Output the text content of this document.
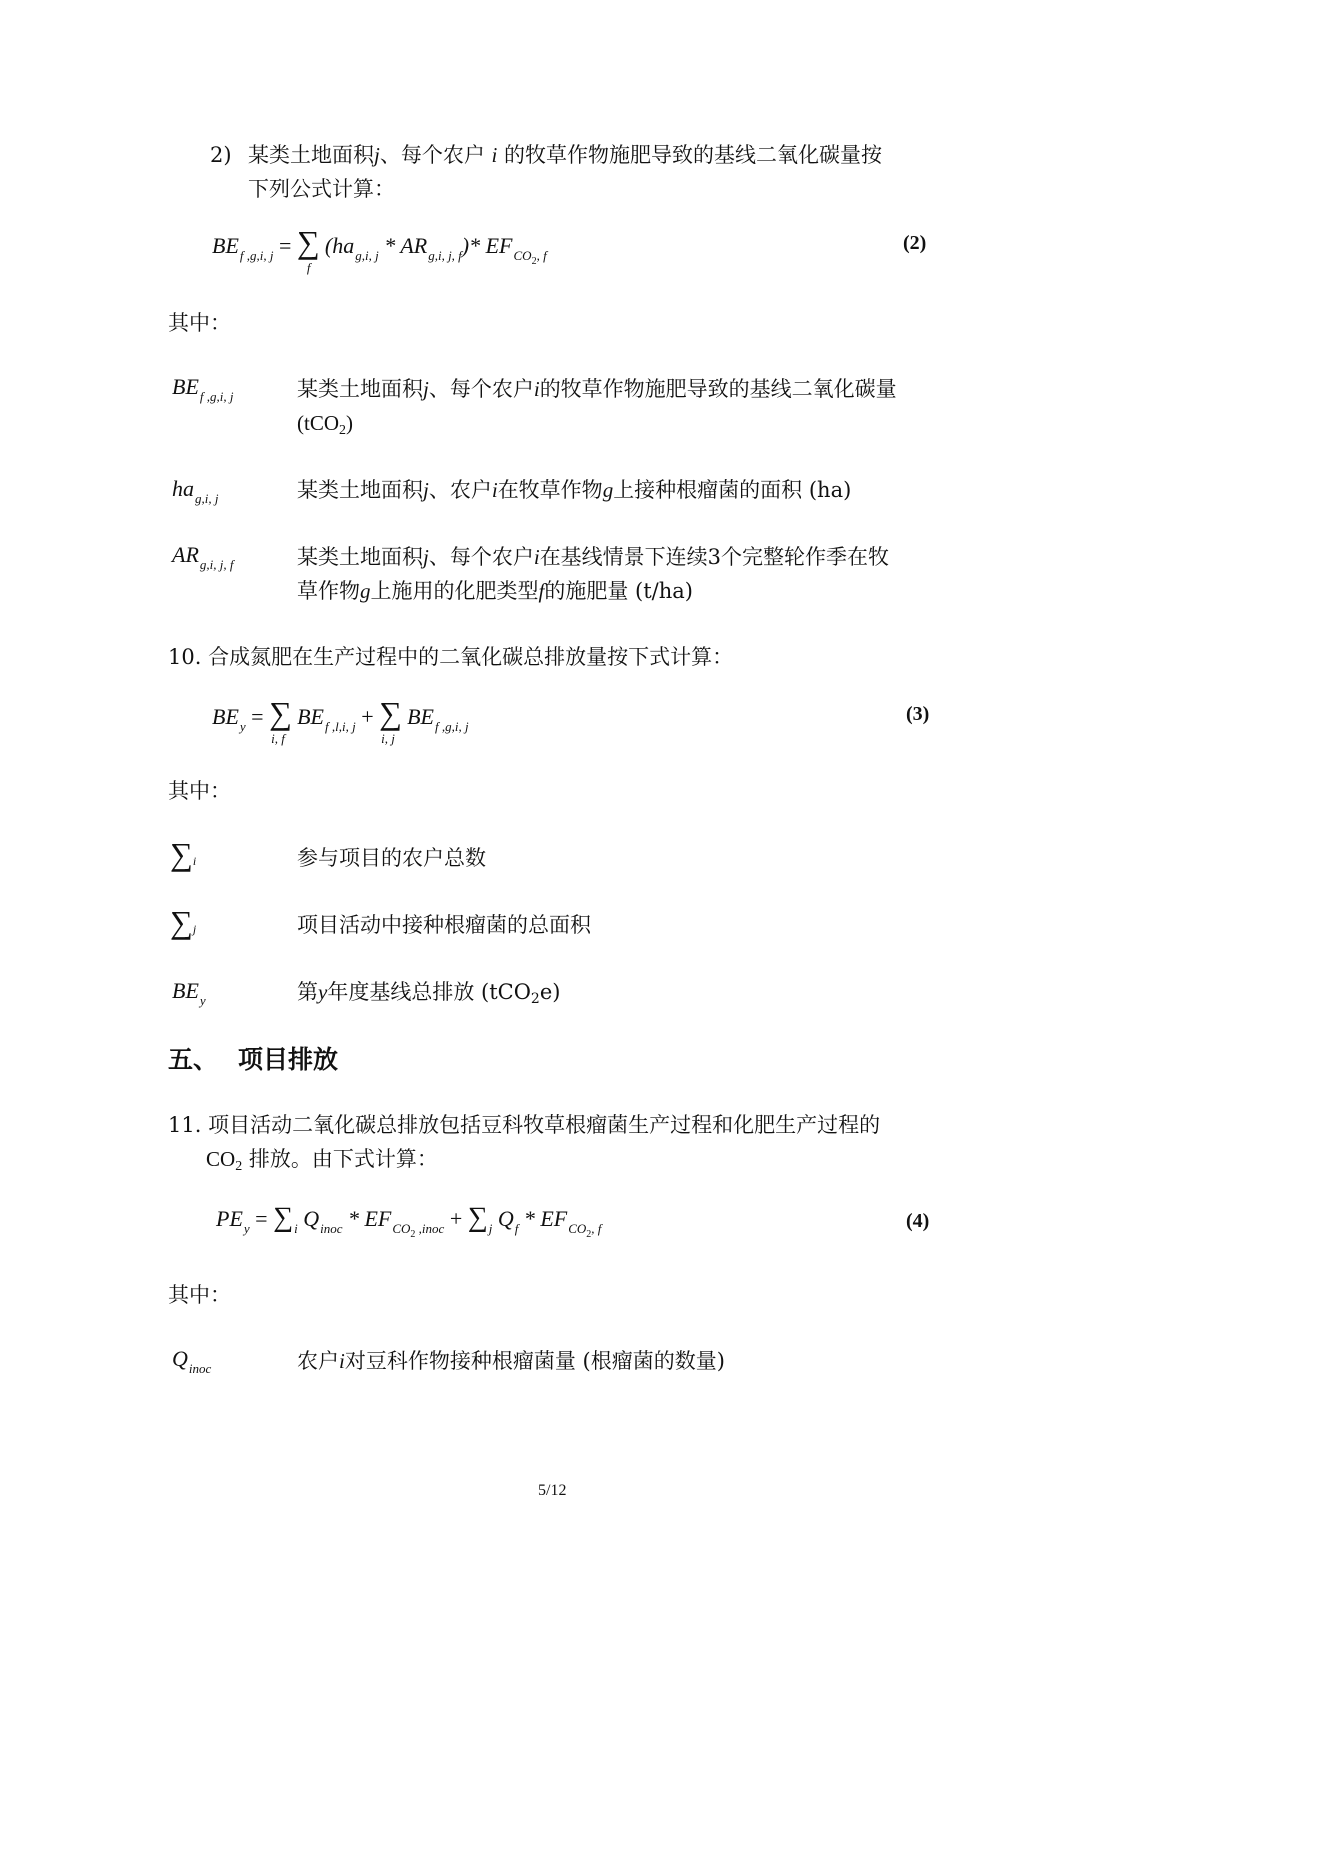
2) 某类土地面积j、每个农户 i 的牧草作物施肥导致的基线二氧化碳量按
下列公式计算：
$BE_{f ,g,i, j}$ = ∑
f
$(ha_{g,i, j} * AR_{g,i, j, f})*$ $EF_{CO_2, f}$
(2)
其中：
$BE_{f ,g,i, j}$	某类土地面积j、每个农户i的牧草作物施肥导致的基线二氧化碳量
(tCO2)
$ha_{g,i, j}$	某类土地面积j、农户i在牧草作物g上接种根瘤菌的面积 (ha)
$AR_{g,i, j, f}$	某类土地面积j、每个农户i在基线情景下连续3个完整轮作季在牧
草作物g上施用的化肥类型f的施肥量 (t/ha)
10. 合成氮肥在生产过程中的二氧化碳总排放量按下式计算：
$BE_y$ = ∑
i, f
$BE_{f ,l,i, j}$ + ∑
i, j
$BE_{f ,g,i, j}$
(3)
其中：
∑i	参与项目的农户总数
∑j	项目活动中接种根瘤菌的总面积
$BE_y$	第y年度基线总排放 (tCO2e)
五、 项目排放
11. 项目活动二氧化碳总排放包括豆科牧草根瘤菌生产过程和化肥生产过程的
CO2 排放。由下式计算：
$PE_y = \sum_i$ $Q_{inoc} * EF_{CO_2 ,inoc} + \sum_j$ $Q_f * EF_{CO_2, f}$	(4)
其中：
$Q_{inoc}$	农户i对豆科作物接种根瘤菌量 (根瘤菌的数量)
5/12
